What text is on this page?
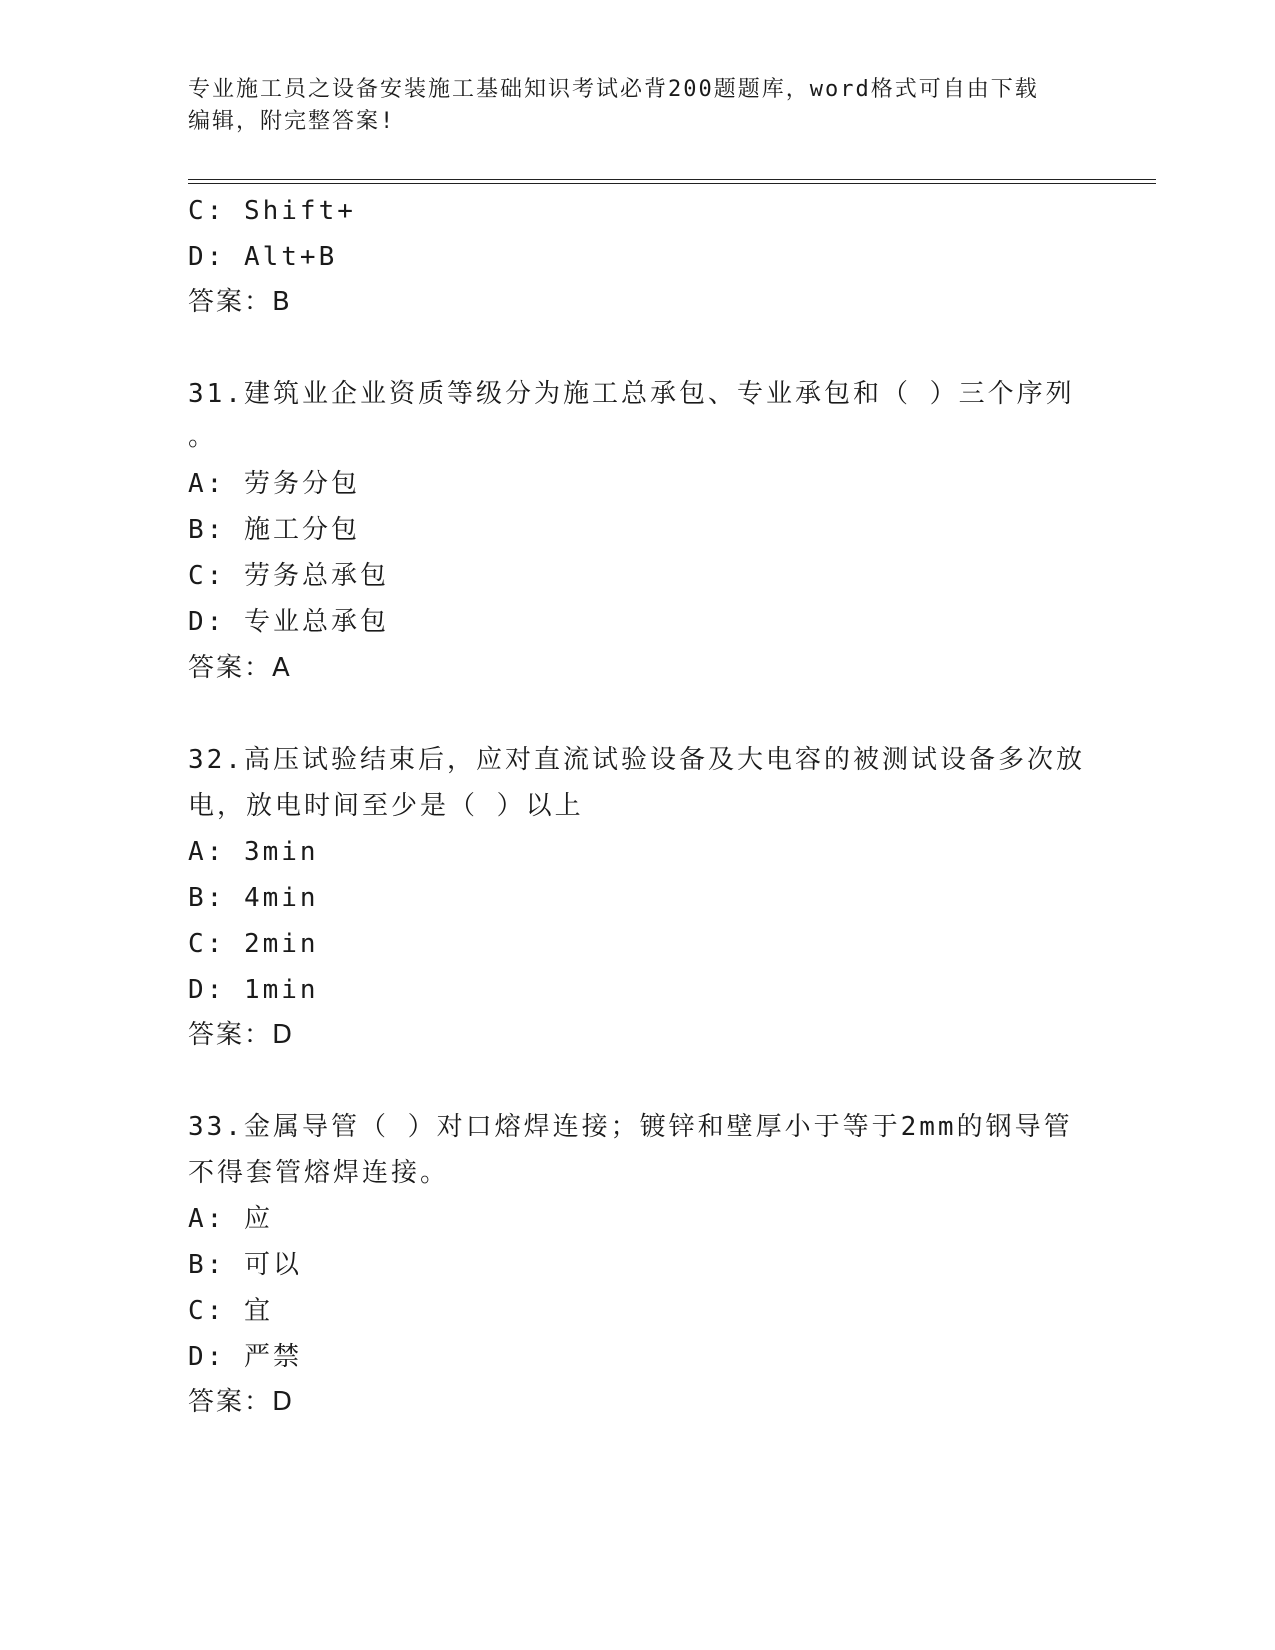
专业施工员之设备安装施工基础知识考试必背200题题库，word格式可自由下载
编辑，附完整答案!
C: Shift+
D: Alt+B
答案：B
31.建筑业企业资质等级分为施工总承包、专业承包和（ ）三个序列
。
A: 劳务分包
B: 施工分包
C: 劳务总承包
D: 专业总承包
答案：A
32.高压试验结束后，应对直流试验设备及大电容的被测试设备多次放
电，放电时间至少是（ ）以上
A: 3min
B: 4min
C: 2min
D: 1min
答案：D
33.金属导管（ ）对口熔焊连接；镀锌和壁厚小于等于2mm的钢导管
不得套管熔焊连接。
A: 应
B: 可以
C: 宜
D: 严禁
答案：D
